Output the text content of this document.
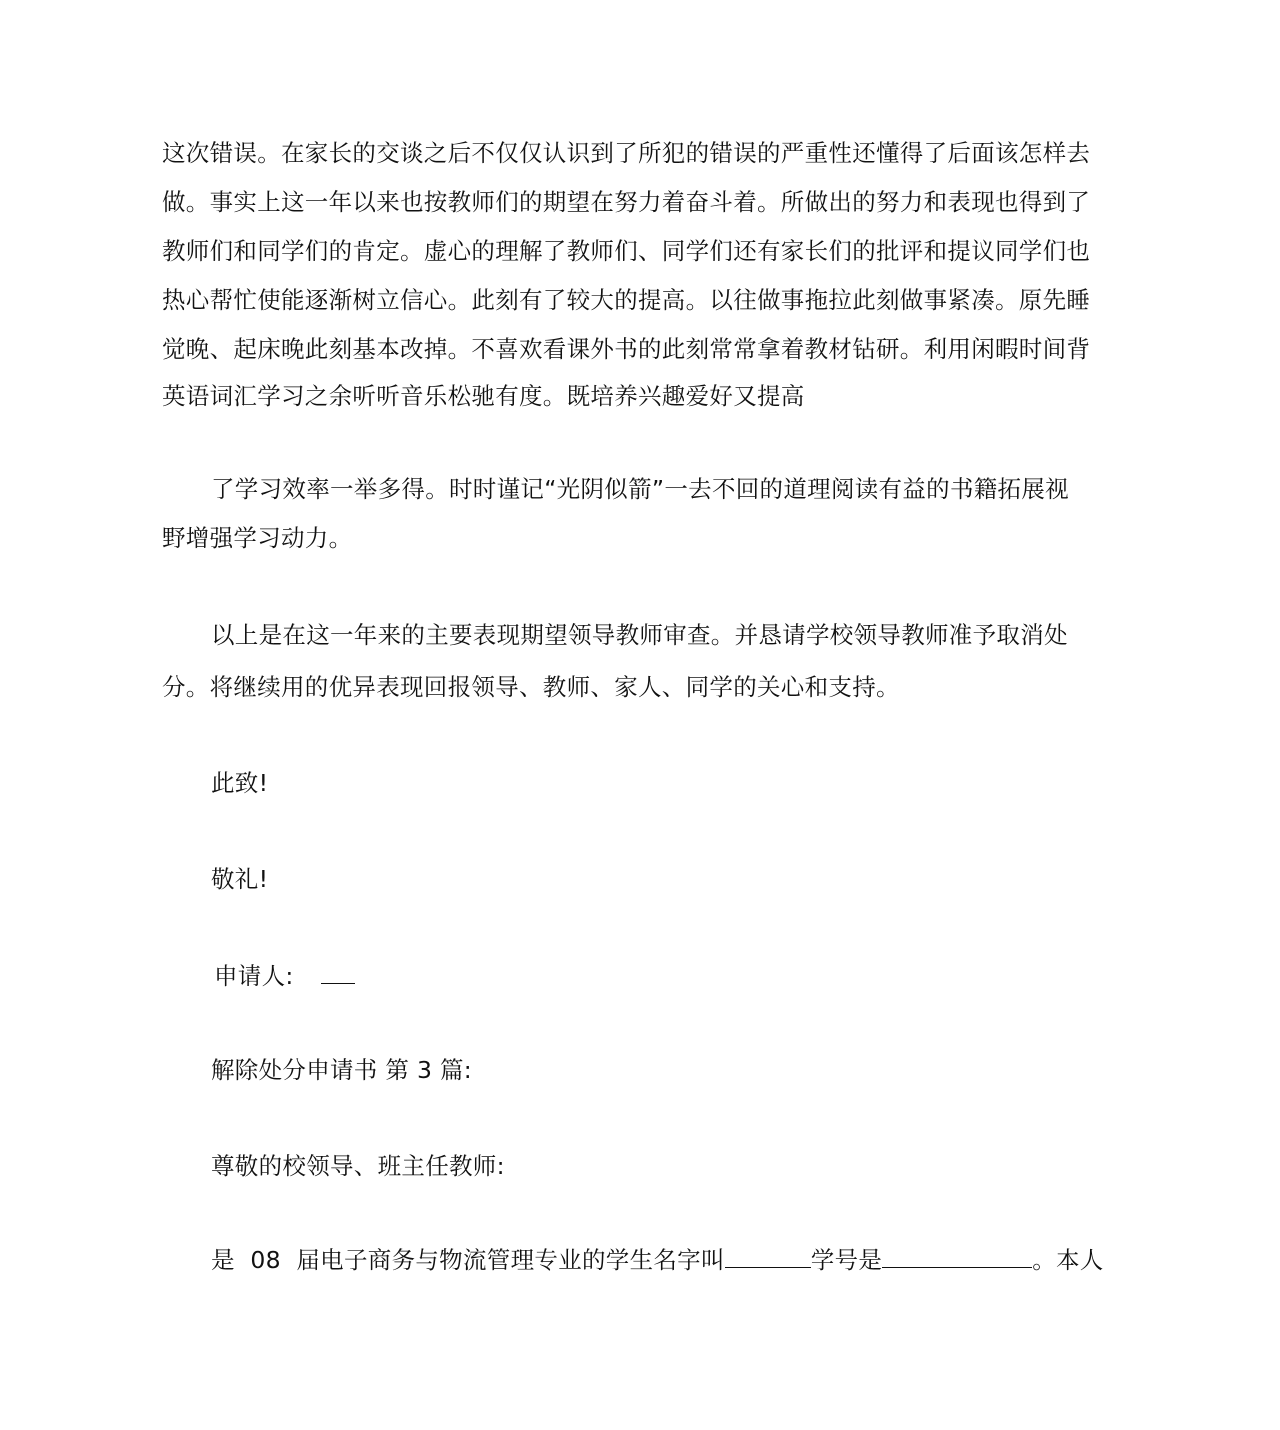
这次错误。在家长的交谈之后不仅仅认识到了所犯的错误的严重性还懂得了后面该怎样去
做。事实上这一年以来也按教师们的期望在努力着奋斗着。所做出的努力和表现也得到了
教师们和同学们的肯定。虚心的理解了教师们、同学们还有家长们的批评和提议同学们也
热心帮忙使能逐渐树立信心。此刻有了较大的提高。以往做事拖拉此刻做事紧凑。原先睡
觉晚、起床晚此刻基本改掉。不喜欢看课外书的此刻常常拿着教材钻研。利用闲暇时间背
英语词汇学习之余听听音乐松驰有度。既培养兴趣爱好又提高
了学习效率一举多得。时时谨记“光阴似箭”一去不回的道理阅读有益的书籍拓展视
野增强学习动力。
以上是在这一年来的主要表现期望领导教师审查。并恳请学校领导教师准予取消处
分。将继续用的优异表现回报领导、教师、家人、同学的关心和支持。
此致!
敬礼!
申请人:
解除处分申请书 第 3 篇:
尊敬的校领导、班主任教师:
是  08  届电子商务与物流管理专业的学生名字叫	学号是	。本人
